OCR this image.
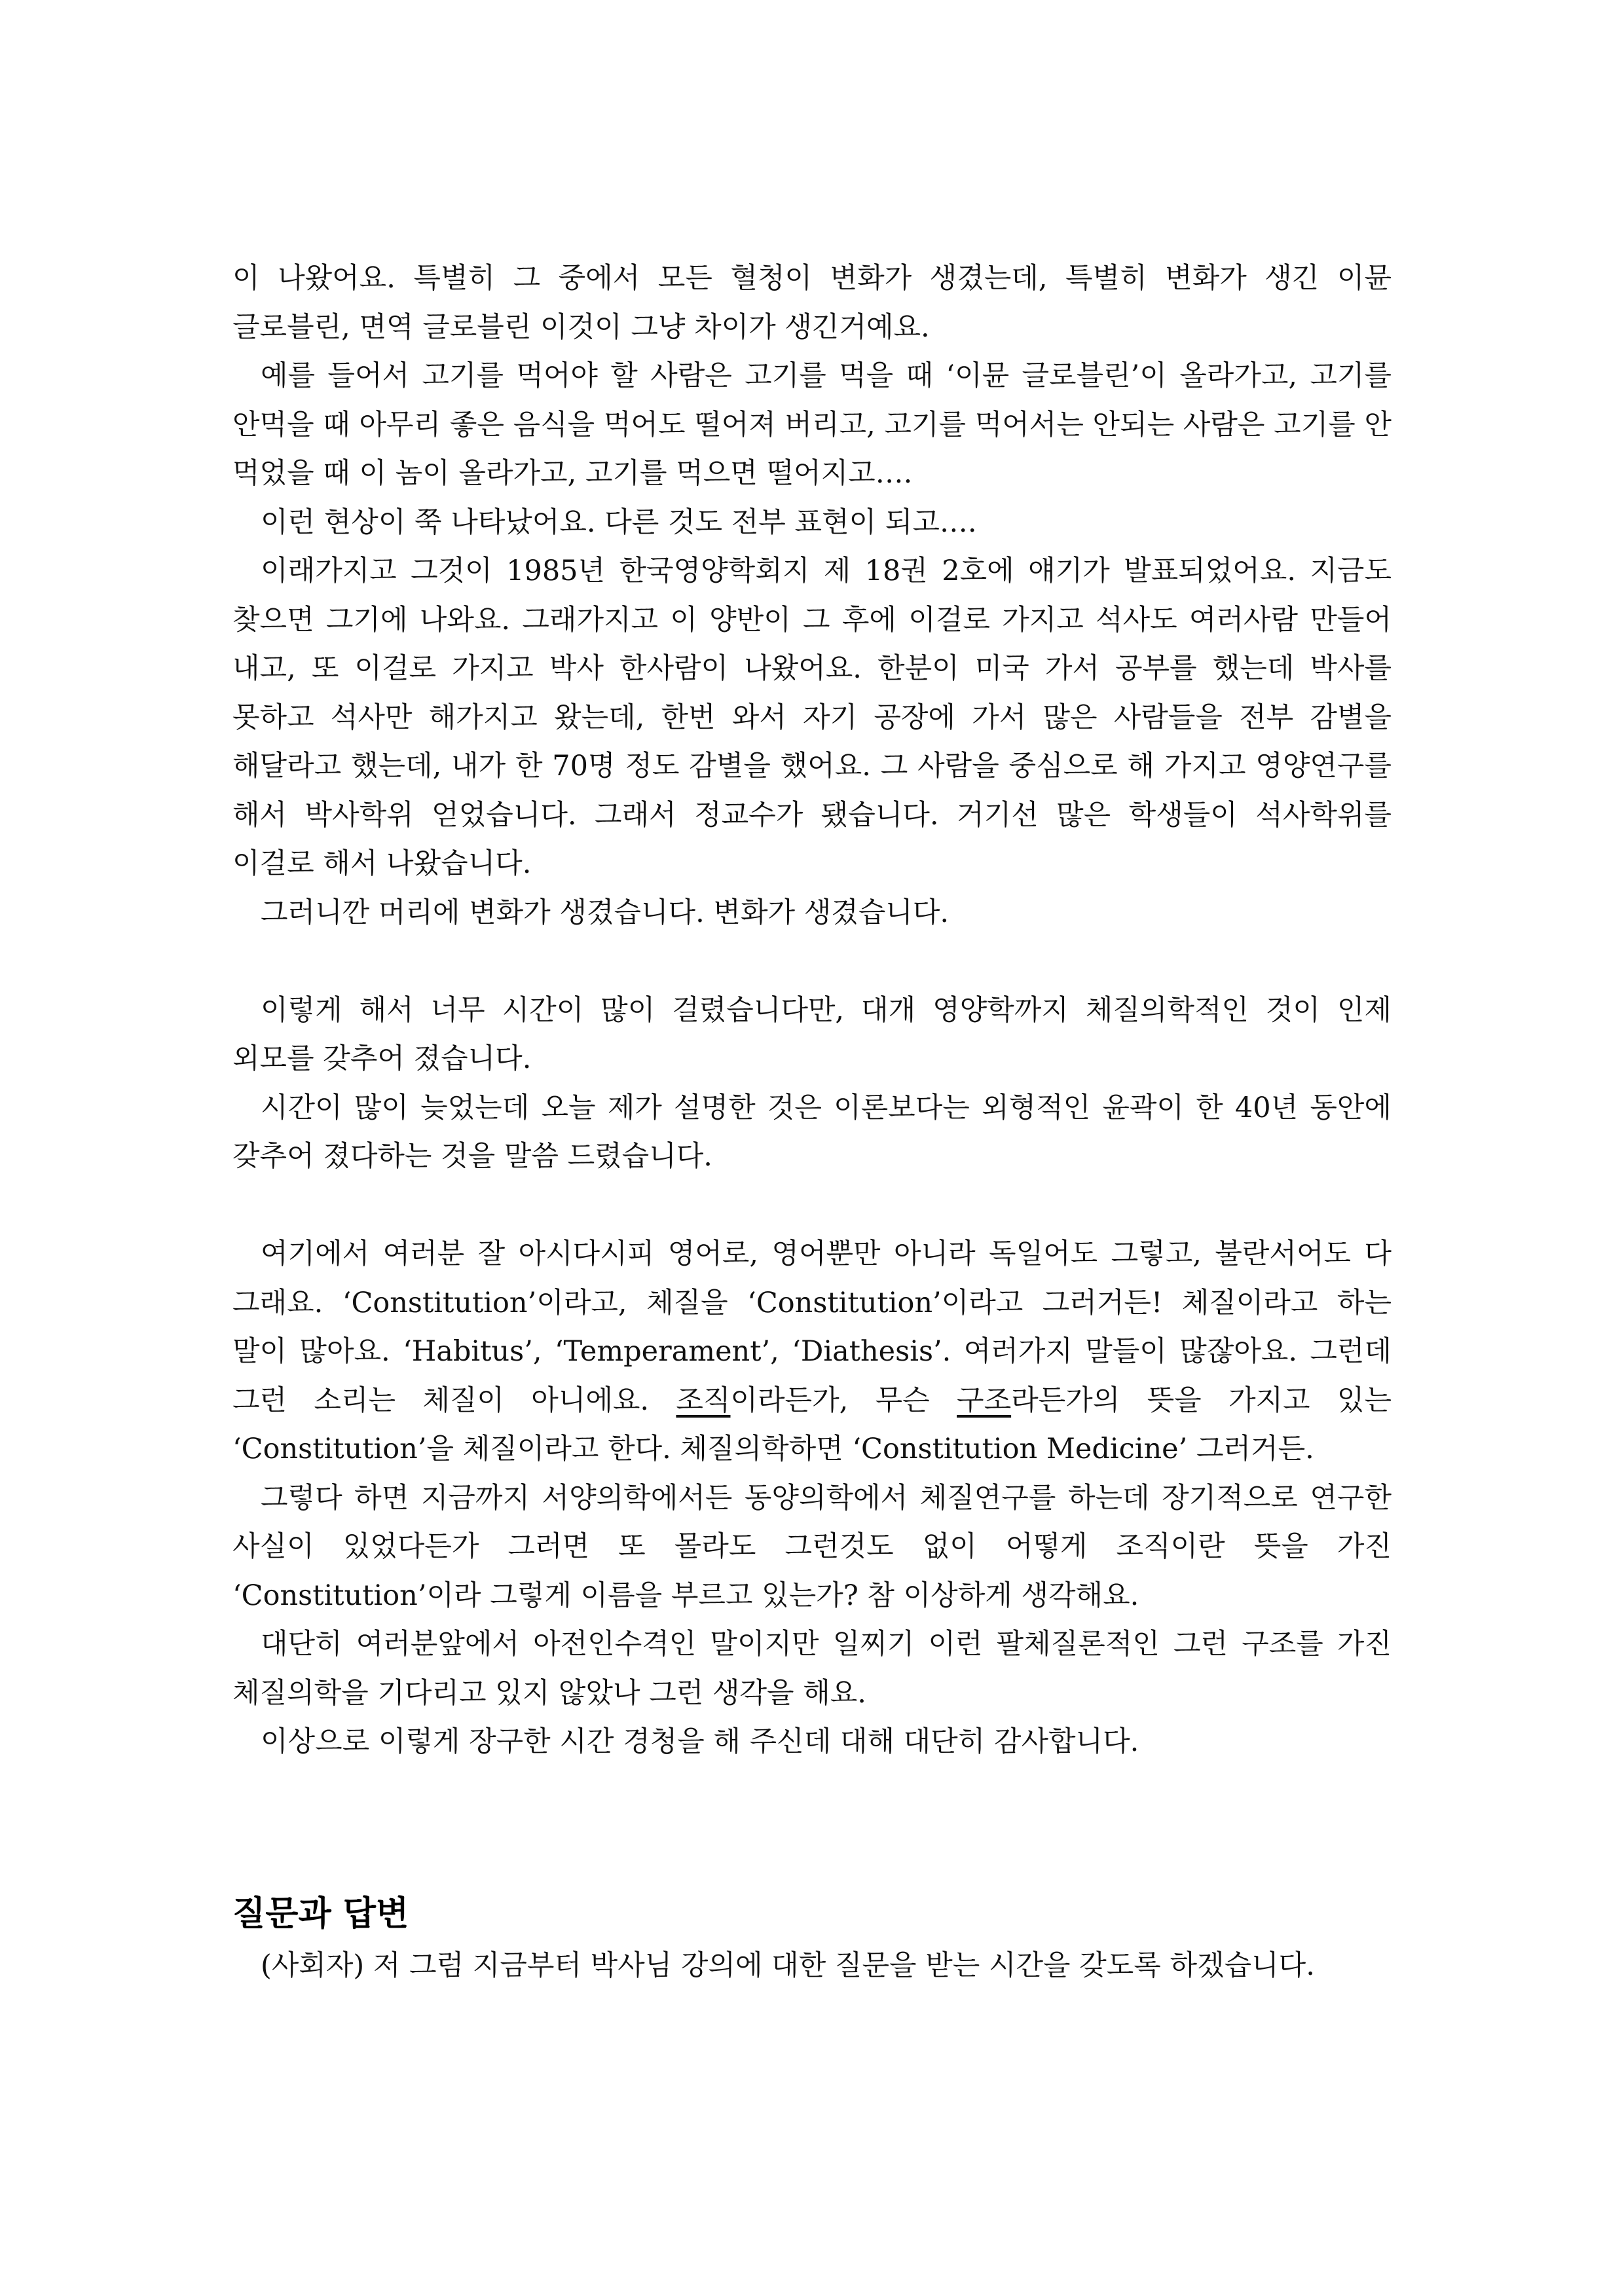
이 나왔어요. 특별히 그 중에서 모든 혈청이 변화가 생겼는데, 특별히 변화가 생긴 이뮨 글로블린, 면역 글로블린 이것이 그냥 차이가 생긴거예요.

예를 들어서 고기를 먹어야 할 사람은 고기를 먹을 때 ‘이뮨 글로블린’이 올라가고, 고기를 안먹을 때 아무리 좋은 음식을 먹어도 떨어져 버리고, 고기를 먹어서는 안되는 사람은 고기를 안 먹었을 때 이 놈이 올라가고, 고기를 먹으면 떨어지고….

이런 현상이 쭉 나타났어요. 다른 것도 전부 표현이 되고….

이래가지고 그것이 1985년 한국영양학회지 제 18권 2호에 얘기가 발표되었어요. 지금도 찾으면 그기에 나와요. 그래가지고 이 양반이 그 후에 이걸로 가지고 석사도 여러사람 만들어 내고, 또 이걸로 가지고 박사 한사람이 나왔어요. 한분이 미국 가서 공부를 했는데 박사를 못하고 석사만 해가지고 왔는데, 한번 와서 자기 공장에 가서 많은 사람들을 전부 감별을 해달라고 했는데, 내가 한 70명 정도 감별을 했어요. 그 사람을 중심으로 해 가지고 영양연구를 해서 박사학위 얻었습니다. 그래서 정교수가 됐습니다. 거기선 많은 학생들이 석사학위를 이걸로 해서 나왔습니다.

그러니깐 머리에 변화가 생겼습니다. 변화가 생겼습니다.

이렇게 해서 너무 시간이 많이 걸렸습니다만, 대개 영양학까지 체질의학적인 것이 인제 외모를 갖추어 졌습니다.

시간이 많이 늦었는데 오늘 제가 설명한 것은 이론보다는 외형적인 윤곽이 한 40년 동안에 갖추어 졌다하는 것을 말씀 드렸습니다.

여기에서 여러분 잘 아시다시피 영어로, 영어뿐만 아니라 독일어도 그렇고, 불란서어도 다 그래요. ‘Constitution’이라고, 체질을 ‘Constitution’이라고 그러거든! 체질이라고 하는 말이 많아요. ‘Habitus’, ‘Temperament’, ‘Diathesis’. 여러가지 말들이 많잖아요. 그런데 그런 소리는 체질이 아니에요. 조직이라든가, 무슨 구조라든가의 뜻을 가지고 있는 ‘Constitution’을 체질이라고 한다. 체질의학하면 ‘Constitution Medicine’ 그러거든.

그렇다 하면 지금까지 서양의학에서든 동양의학에서 체질연구를 하는데 장기적으로 연구한 사실이 있었다든가 그러면 또 몰라도 그런것도 없이 어떻게 조직이란 뜻을 가진 ‘Constitution’이라 그렇게 이름을 부르고 있는가? 참 이상하게 생각해요.

대단히 여러분앞에서 아전인수격인 말이지만 일찌기 이런 팔체질론적인 그런 구조를 가진 체질의학을 기다리고 있지 않았나 그런 생각을 해요.

이상으로 이렇게 장구한 시간 경청을 해 주신데 대해 대단히 감사합니다.

질문과 답변

(사회자) 저 그럼 지금부터 박사님 강의에 대한 질문을 받는 시간을 갖도록 하겠습니다.
